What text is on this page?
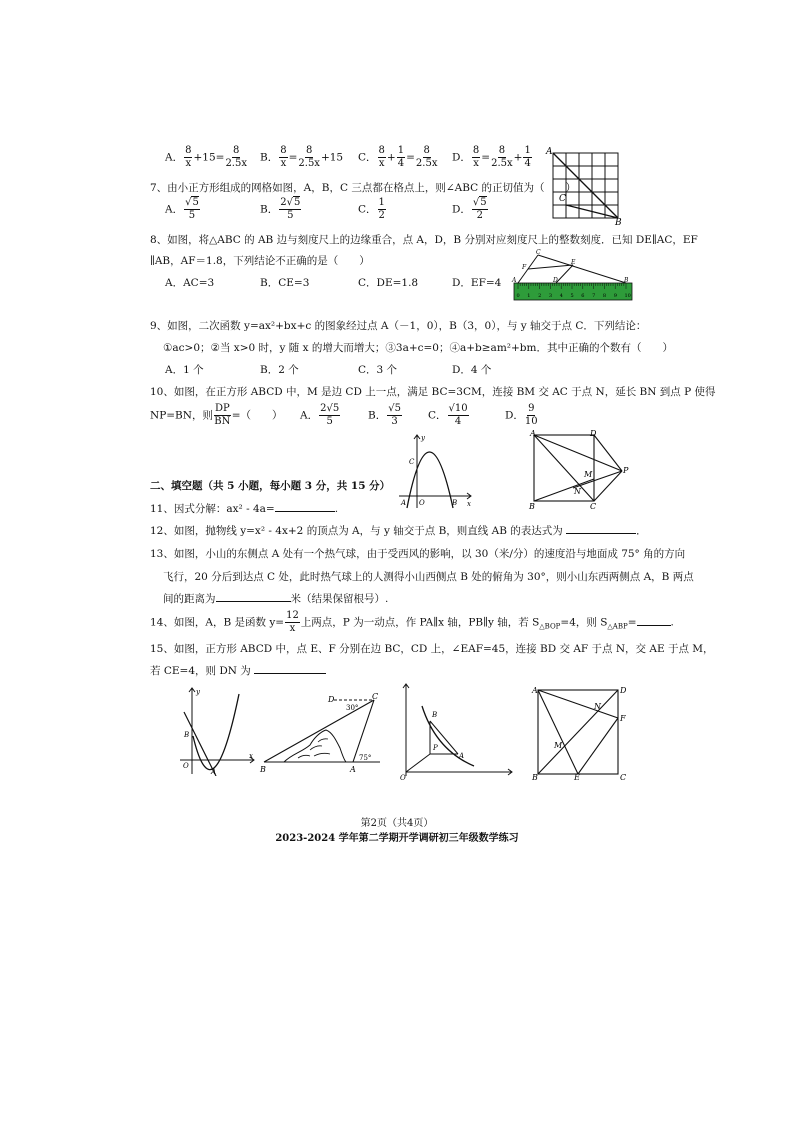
A． $\frac{8}{x} +15= \frac{8}{2.5x}$ B． $\frac{8}{x} = \frac{8}{2.5x} +15$ C． $\frac{8}{x} + \frac{1}{4} = \frac{8}{2.5x}$ D． $\frac{8}{x} = \frac{8}{2.5x} + \frac{1}{4}$ A
C
B
7、由小正方形组成的网格如图，A，B，C 三点都在格点上，则∠ABC 的正切值为（　　）
A． $\frac{√5}{5}$	B． $\frac{2√5}{5}$	C． $\frac{1}{2}$	D． $\frac{√5}{2}$
8、如图，将△ABC 的 AB 边与刻度尺上的边缘重合，点 A，D，B 分别对应刻度尺上的整数刻度．已知 DE∥AC，EF
∥AB，AF＝1.8，下列结论不正确的是（　　）
A．AC=3	B．CE=3	C．DE=1.8	D．EF=4
0 1 2 3 4 5 6 7 8 9 10
A
C
F
E
D	B
9、如图，二次函数 y=ax²+bx+c 的图象经过点 A（－1，0），B（3，0），与 y 轴交于点 C．下列结论：
①ac>0；②当 x>0 时，y 随 x 的增大而增大；③3a+c=0；④a+b≥am²+bm．其中正确的个数有（　　）
A．1 个	B．2 个	C．3 个	D．4 个
10、如图，在正方形 ABCD 中，M 是边 CD 上一点，满足 BC=3CM，连接 BM 交 AC 于点 N，延长 BN 到点 P 使得
NP=BN，则 $\frac{DP}{BN}$ =（　　） A． $\frac{2√5}{5}$	B． $\frac{√5}{3}$ C． $\frac{√10}{4}$	D． $\frac{9}{10}$
y
x
C
A O	B
A	D
M	P
N
B	C
二、填空题（共 5 小题，每小题 3 分，共 15 分）
11、因式分解：ax² - 4a=	.
12、如图，抛物线 y=x² - 4x+2 的顶点为 A，与 y 轴交于点 B，则直线 AB 的表达式为	．
13、如图，小山的东侧点 A 处有一个热气球，由于受西风的影响，以 30（米/分）的速度沿与地面成 75° 角的方向
飞行，20 分后到达点 C 处，此时热气球上的人测得小山西侧点 B 处的俯角为 30°，则小山东西两侧点 A，B 两点
间的距离为	米（结果保留根号）.
14、如图，A，B 是函数 $y= \frac{12}{x}$ 上两点，P 为一动点，作 PA∥x 轴，PB∥y 轴，若 $S_{\triangle BOP}=4$，则 $S_{\triangle ABP}=$	.
15、如图，正方形 ABCD 中，点 E、F 分别在边 BC，CD 上，∠EAF=45，连接 BD 交 AF 于点 N，交 AE 于点 M，
若 CE=4，则 DN 为
y
B
O
A
x
D	C
30°
75°
B	A
B
P
A
O
A	D
N
F
M
B	E	C
第2页（共4页）
2023-2024 学年第二学期开学调研初三年级数学练习
